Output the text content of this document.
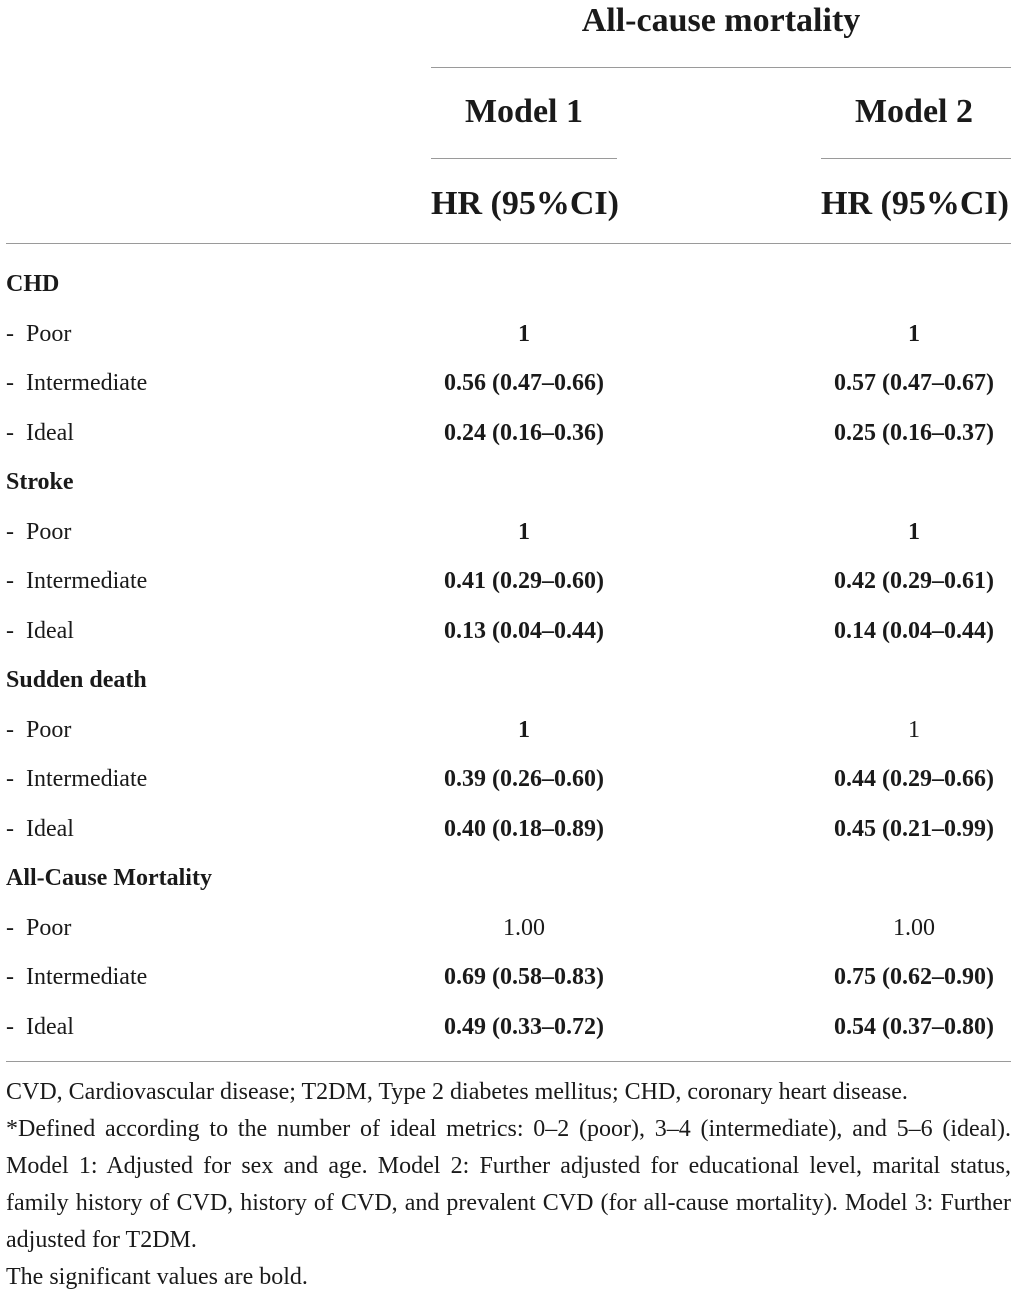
All-cause mortality
Model 1	Model 2
HR (95%CI)	HR (95%CI)
CHD
-  Poor	1	1
-  Intermediate	0.56 (0.47–0.66)	0.57 (0.47–0.67)
-  Ideal	0.24 (0.16–0.36)	0.25 (0.16–0.37)
Stroke
-  Poor	1	1
-  Intermediate	0.41 (0.29–0.60)	0.42 (0.29–0.61)
-  Ideal	0.13 (0.04–0.44)	0.14 (0.04–0.44)
Sudden death
-  Poor	1	1
-  Intermediate	0.39 (0.26–0.60)	0.44 (0.29–0.66)
-  Ideal	0.40 (0.18–0.89)	0.45 (0.21–0.99)
All-Cause Mortality
-  Poor	1.00	1.00
-  Intermediate	0.69 (0.58–0.83)	0.75 (0.62–0.90)
-  Ideal	0.49 (0.33–0.72)	0.54 (0.37–0.80)

CVD, Cardiovascular disease; T2DM, Type 2 diabetes mellitus; CHD, coronary heart disease.

*Defined according to the number of ideal metrics: 0–2 (poor), 3–4 (intermediate), and 5–6 (ideal). Model 1: Adjusted for sex and age. Model 2: Further adjusted for educational level, marital status, family history of CVD, history of CVD, and prevalent CVD (for all-cause mortality). Model 3: Further adjusted for T2DM.

The significant values are bold.
